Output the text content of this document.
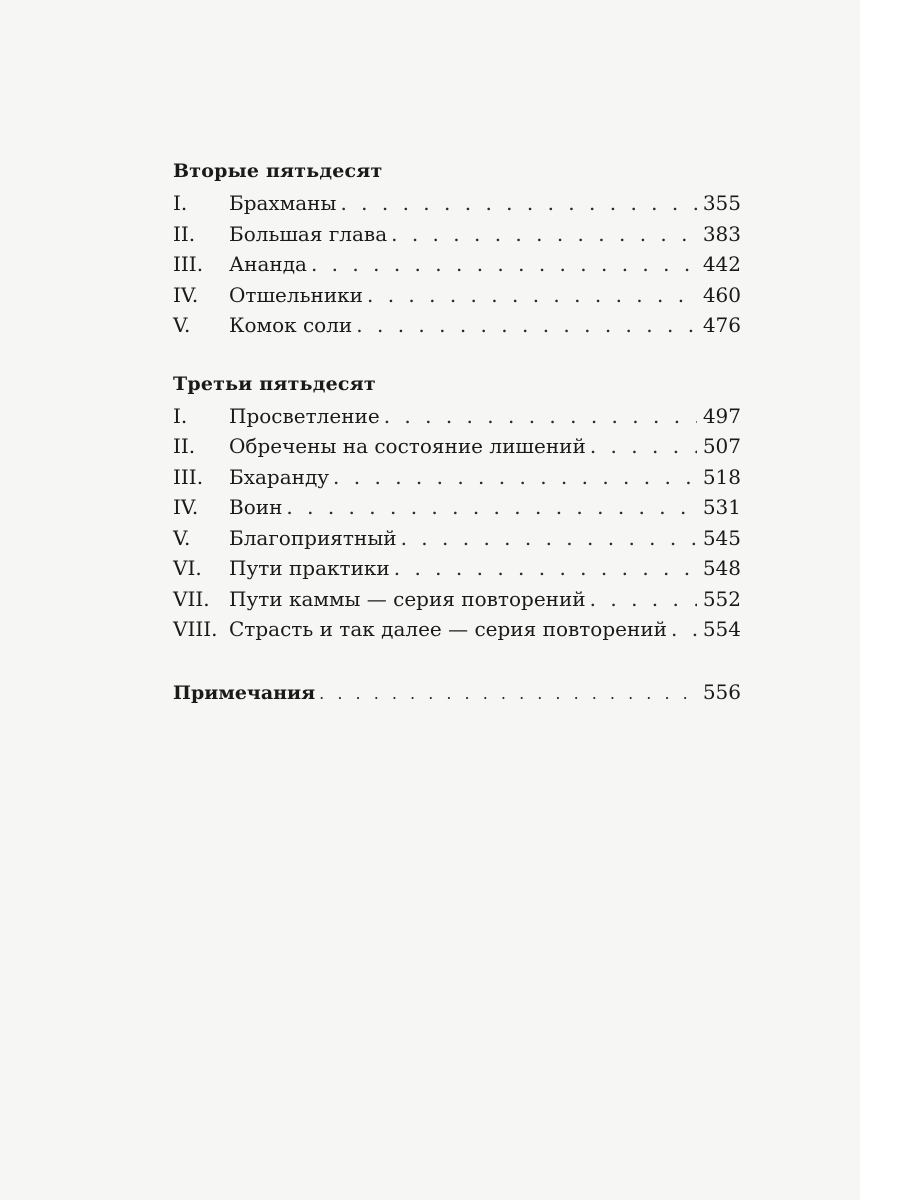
Вторые пятьдесят
I.	Брахманы . . .	355
II.	Большая глава . . .	383
III.	Ананда . . .	442
IV.	Отшельники . . .	460
V.	Комок соли . . .	476
Третьи пятьдесят
I.	Просветление . . .	497
II.	Обречены на состояние лишений . . .	507
III.	Бхаранду . . .	518
IV.	Воин . . .	531
V.	Благоприятный . . .	545
VI.	Пути практики . . .	548
VII. Пути каммы — серия повторений . . .	552
VIII. Страсть и так далее — серия повторений . . .	554
Примечания . . .	556
